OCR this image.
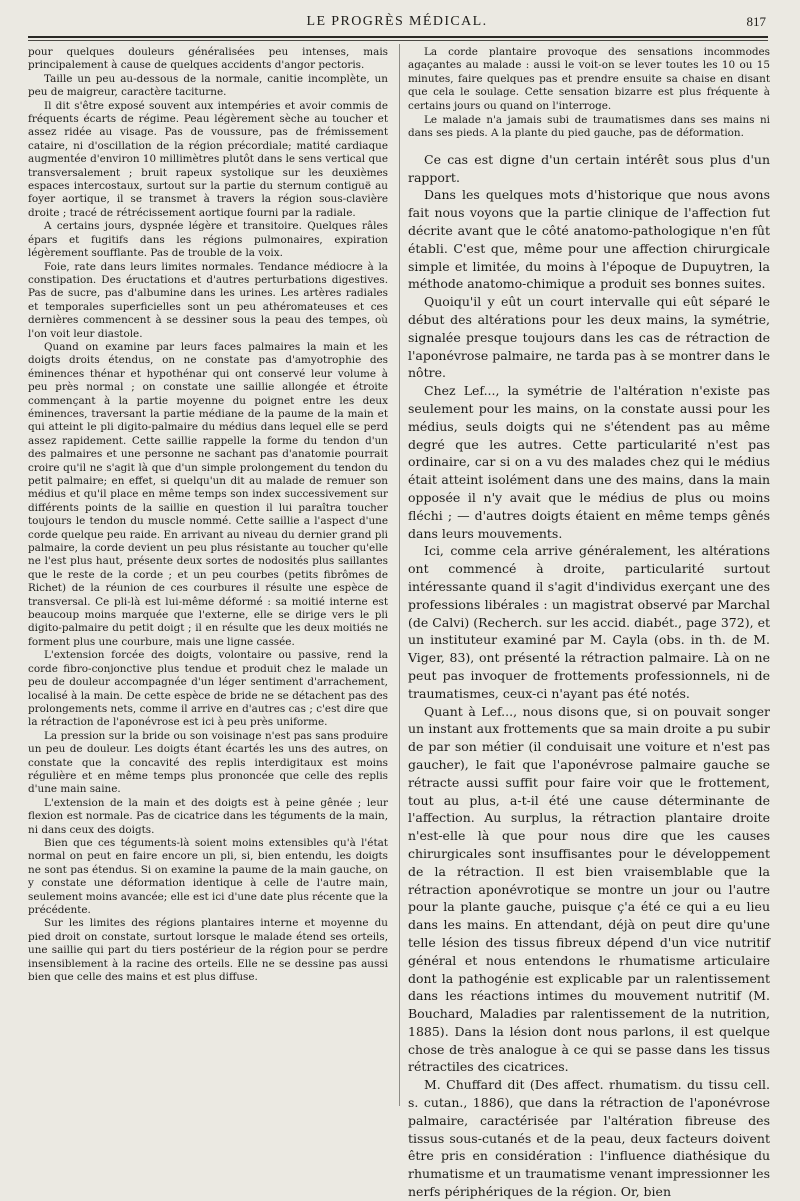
LE PROGRÈS MÉDICAL.	817

pour quelques douleurs généralisées peu intenses, mais principalement à cause de quelques accidents d'angor pectoris.

Taille un peu au-dessous de la normale, canitie incomplète, un peu de maigreur, caractère taciturne.

Il dit s'être exposé souvent aux intempéries et avoir commis de fréquents écarts de régime. Peau légèrement sèche au toucher et assez ridée au visage. Pas de voussure, pas de frémissement cataire, ni d'oscillation de la région précordiale; matité cardiaque augmentée d'environ 10 millimètres plutôt dans le sens vertical que transversalement ; bruit rapeux systolique sur les deuxièmes espaces intercostaux, surtout sur la partie du sternum contiguë au foyer aortique, il se transmet à travers la région sous-clavière droite ; tracé de rétrécissement aortique fourni par la radiale.

A certains jours, dyspnée légère et transitoire. Quelques râles épars et fugitifs dans les régions pulmonaires, expiration légèrement soufflante. Pas de trouble de la voix.

Foie, rate dans leurs limites normales. Tendance médiocre à la constipation. Des éructations et d'autres perturbations digestives. Pas de sucre, pas d'albumine dans les urines. Les artères radiales et temporales superficielles sont un peu athéromateuses et ces dernières commencent à se dessiner sous la peau des tempes, où l'on voit leur diastole.

Quand on examine par leurs faces palmaires la main et les doigts droits étendus, on ne constate pas d'amyotrophie des éminences thénar et hypothénar qui ont conservé leur volume à peu près normal ; on constate une saillie allongée et étroite commençant à la partie moyenne du poignet entre les deux éminences, traversant la partie médiane de la paume de la main et qui atteint le pli digito-palmaire du médius dans lequel elle se perd assez rapidement. Cette saillie rappelle la forme du tendon d'un des palmaires et une personne ne sachant pas d'anatomie pourrait croire qu'il ne s'agit là que d'un simple prolongement du tendon du petit palmaire; en effet, si quelqu'un dit au malade de remuer son médius et qu'il place en même temps son index successivement sur différents points de la saillie en question il lui paraîtra toucher toujours le tendon du muscle nommé. Cette saillie a l'aspect d'une corde quelque peu raide. En arrivant au niveau du dernier grand pli palmaire, la corde devient un peu plus résistante au toucher qu'elle ne l'est plus haut, présente deux sortes de nodosités plus saillantes que le reste de la corde ; et un peu courbes (petits fibrômes de Richet) de la réunion de ces courbures il résulte une espèce de transversal. Ce pli-là est lui-même déformé : sa moitié interne est beaucoup moins marquée que l'externe, elle se dirige vers le pli digito-palmaire du petit doigt ; il en résulte que les deux moitiés ne forment plus une courbure, mais une ligne cassée.

L'extension forcée des doigts, volontaire ou passive, rend la corde fibro-conjonctive plus tendue et produit chez le malade un peu de douleur accompagnée d'un léger sentiment d'arrachement, localisé à la main. De cette espèce de bride ne se détachent pas des prolongements nets, comme il arrive en d'autres cas ; c'est dire que la rétraction de l'aponévrose est ici à peu près uniforme.

La pression sur la bride ou son voisinage n'est pas sans produire un peu de douleur. Les doigts étant écartés les uns des autres, on constate que la concavité des replis interdigitaux est moins régulière et en même temps plus prononcée que celle des replis d'une main saine.

L'extension de la main et des doigts est à peine gênée ; leur flexion est normale. Pas de cicatrice dans les téguments de la main, ni dans ceux des doigts.

Bien que ces téguments-là soient moins extensibles qu'à l'état normal on peut en faire encore un pli, si, bien entendu, les doigts ne sont pas étendus. Si on examine la paume de la main gauche, on y constate une déformation identique à celle de l'autre main, seulement moins avancée; elle est ici d'une date plus récente que la précédente.

Sur les limites des régions plantaires interne et moyenne du pied droit on constate, surtout lorsque le malade étend ses orteils, une saillie qui part du tiers postérieur de la région pour se perdre insensiblement à la racine des orteils. Elle ne se dessine pas aussi bien que celle des mains et est plus diffuse.

La corde plantaire provoque des sensations incommodes agaçantes au malade : aussi le voit-on se lever toutes les 10 ou 15 minutes, faire quelques pas et prendre ensuite sa chaise en disant que cela le soulage. Cette sensation bizarre est plus fréquente à certains jours ou quand on l'interroge.

Le malade n'a jamais subi de traumatismes dans ses mains ni dans ses pieds. A la plante du pied gauche, pas de déformation.

Ce cas est digne d'un certain intérêt sous plus d'un rapport.

Dans les quelques mots d'historique que nous avons fait nous voyons que la partie clinique de l'affection fut décrite avant que le côté anatomo-pathologique n'en fût établi. C'est que, même pour une affection chirurgicale simple et limitée, du moins à l'époque de Dupuytren, la méthode anatomo-chimique a produit ses bonnes suites.

Quoiqu'il y eût un court intervalle qui eût séparé le début des altérations pour les deux mains, la symétrie, signalée presque toujours dans les cas de rétraction de l'aponévrose palmaire, ne tarda pas à se montrer dans le nôtre.

Chez Lef..., la symétrie de l'altération n'existe pas seulement pour les mains, on la constate aussi pour les médius, seuls doigts qui ne s'étendent pas au même degré que les autres. Cette particularité n'est pas ordinaire, car si on a vu des malades chez qui le médius était atteint isolément dans une des mains, dans la main opposée il n'y avait que le médius de plus ou moins fléchi ; — d'autres doigts étaient en même temps gênés dans leurs mouvements.

Ici, comme cela arrive généralement, les altérations ont commencé à droite, particularité surtout intéressante quand il s'agit d'individus exerçant une des professions libérales : un magistrat observé par Marchal (de Calvi) (Recherch. sur les accid. diabét., page 372), et un instituteur examiné par M. Cayla (obs. in th. de M. Viger, 83), ont présenté la rétraction palmaire. Là on ne peut pas invoquer de frottements professionnels, ni de traumatismes, ceux-ci n'ayant pas été notés.

Quant à Lef..., nous disons que, si on pouvait songer un instant aux frottements que sa main droite a pu subir de par son métier (il conduisait une voiture et n'est pas gaucher), le fait que l'aponévrose palmaire gauche se rétracte aussi suffit pour faire voir que le frottement, tout au plus, a-t-il été une cause déterminante de l'affection. Au surplus, la rétraction plantaire droite n'est-elle là que pour nous dire que les causes chirurgicales sont insuffisantes pour le développement de la rétraction. Il est bien vraisemblable que la rétraction aponévrotique se montre un jour ou l'autre pour la plante gauche, puisque ç'a été ce qui a eu lieu dans les mains. En attendant, déjà on peut dire qu'une telle lésion des tissus fibreux dépend d'un vice nutritif général et nous entendons le rhumatisme articulaire dont la pathogénie est explicable par un ralentissement dans les réactions intimes du mouvement nutritif (M. Bouchard, Maladies par ralentissement de la nutrition, 1885). Dans la lésion dont nous parlons, il est quelque chose de très analogue à ce qui se passe dans les tissus rétractiles des cicatrices.

M. Chuffard dit (Des affect. rhumatism. du tissu cell. s. cutan., 1886), que dans la rétraction de l'aponévrose palmaire, caractérisée par l'altération fibreuse des tissus sous-cutanés et de la peau, deux facteurs doivent être pris en considération : l'influence diathésique du rhumatisme et un traumatisme venant impressionner les nerfs périphériques de la région. Or, bien
